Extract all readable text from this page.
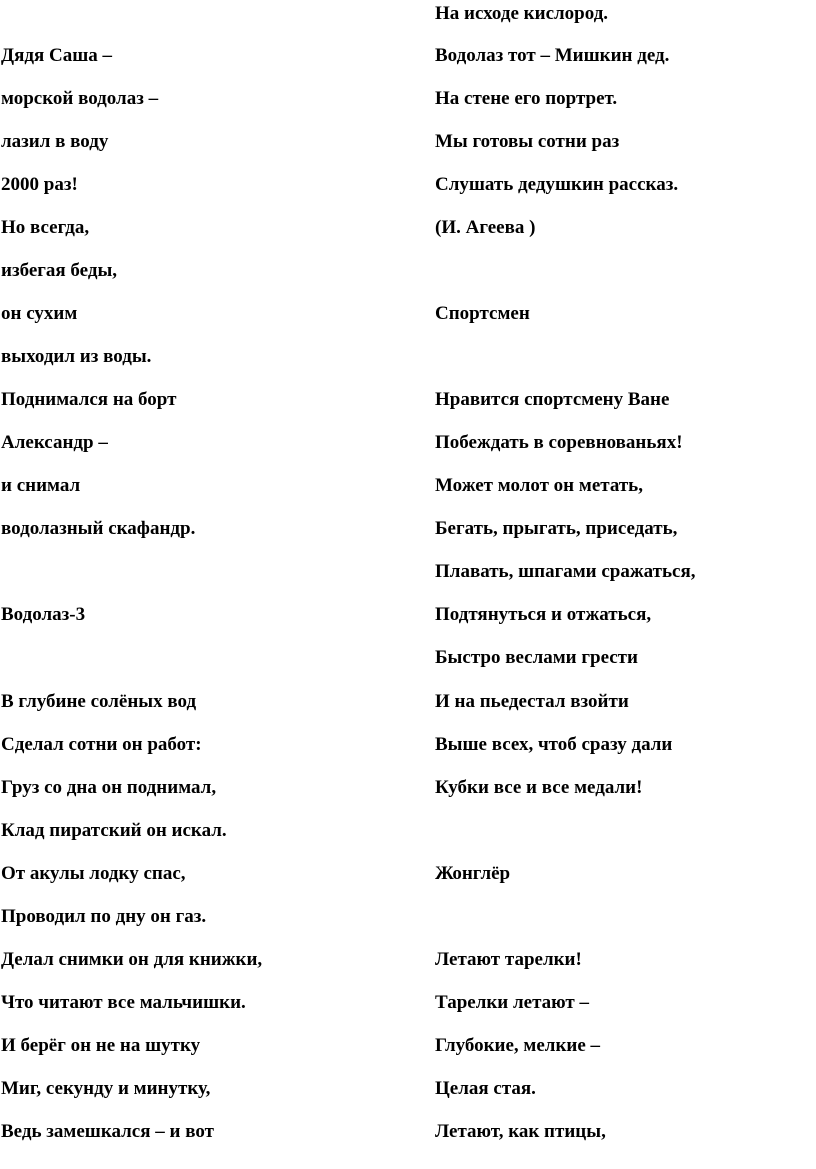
Дядя Саша –
морской водолаз –
лазил в воду
2000 раз!
Но всегда,
избегая беды,
он сухим
выходил из воды.
Поднимался на борт
Александр –
и снимал
водолазный скафандр.
Водолаз-3
В глубине солёных вод
Сделал сотни он работ:
Груз со дна он поднимал,
Клад пиратский он искал.
От акулы лодку спас,
Проводил по дну он газ.
Делал снимки он для книжки,
Что читают все мальчишки.
И берёг он не на шутку
Миг, секунду и минутку,
Ведь замешкался – и вот
На исходе кислород.
Водолаз тот – Мишкин дед.
На стене его портрет.
Мы готовы сотни раз
Слушать дедушкин рассказ.
(И. Агеева )
Спортсмен
Нравится спортсмену Ване
Побеждать в соревнованьях!
Может молот он метать,
Бегать, прыгать, приседать,
Плавать, шпагами сражаться,
Подтянуться и отжаться,
Быстро веслами грести
И на пьедестал взойти
Выше всех, чтоб сразу дали
Кубки все и все медали!
Жонглёр
Летают тарелки!
Тарелки летают –
Глубокие, мелкие –
Целая стая.
Летают, как птицы,
